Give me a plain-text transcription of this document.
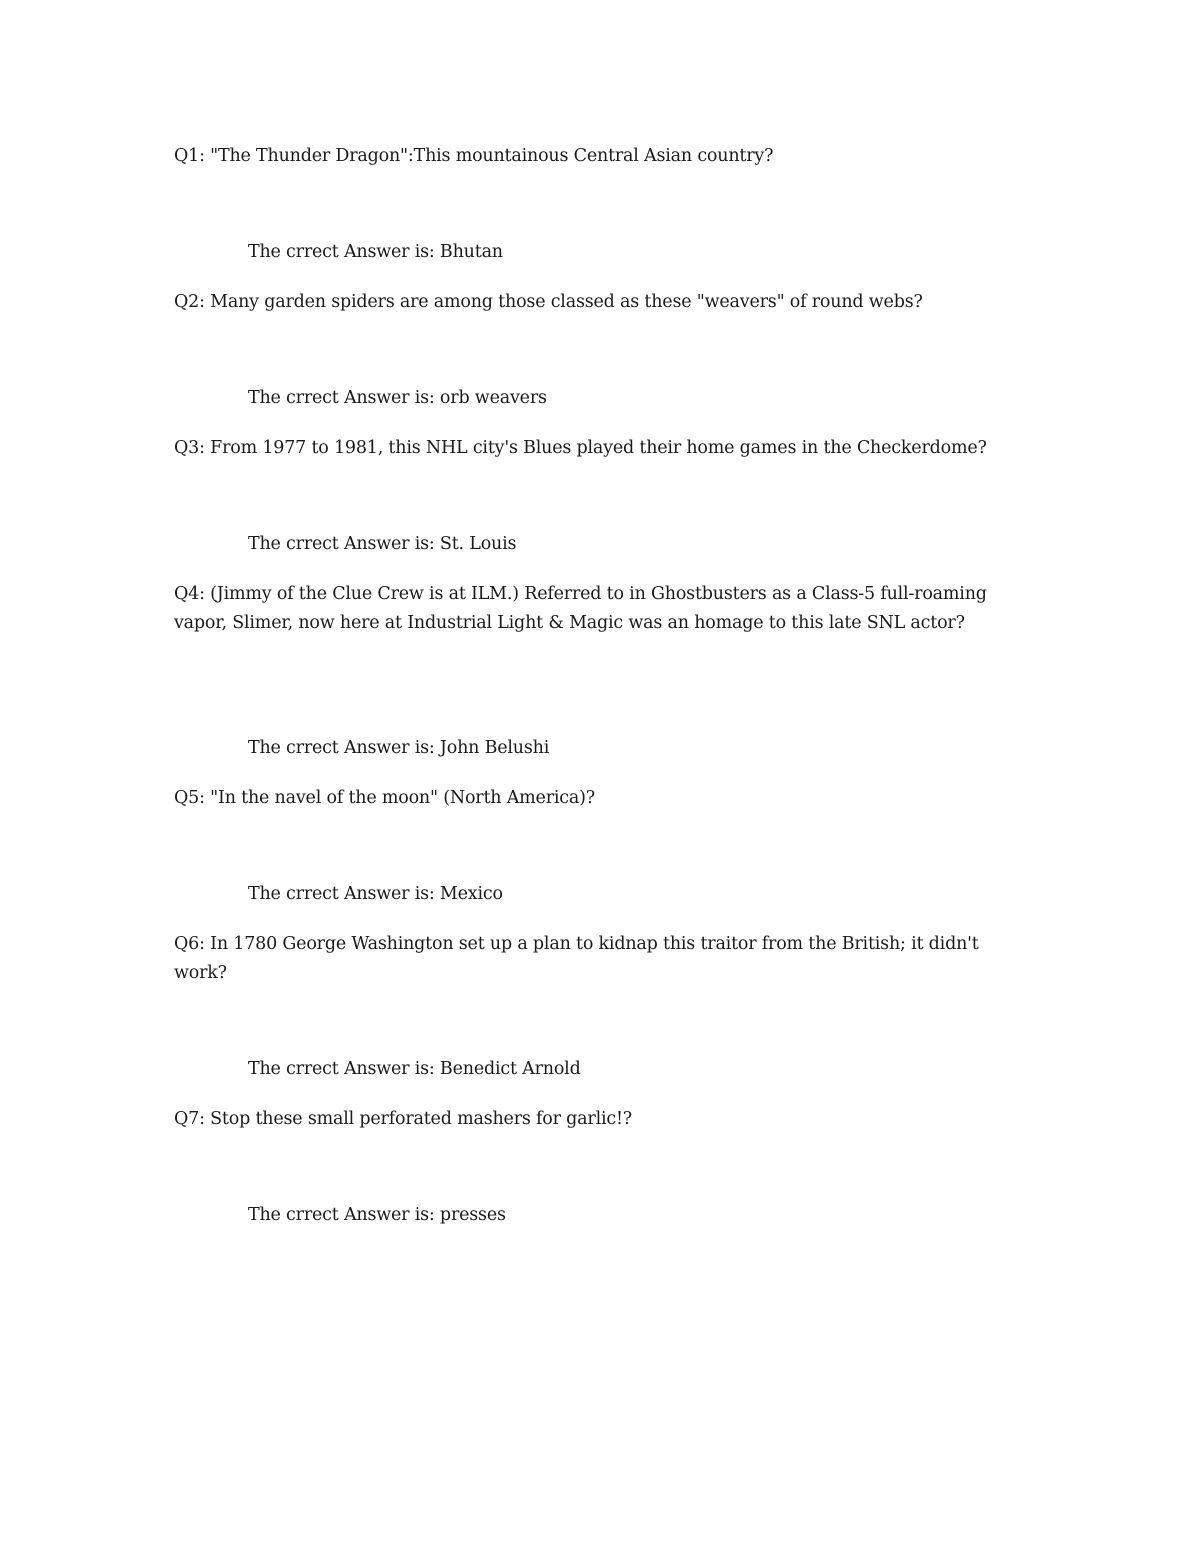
Q1: "The Thunder Dragon":This mountainous Central Asian country?
The crrect Answer is: Bhutan
Q2: Many garden spiders are among those classed as these "weavers" of round webs?
The crrect Answer is: orb weavers
Q3: From 1977 to 1981, this NHL city's Blues played their home games in the Checkerdome?
The crrect Answer is: St. Louis
Q4: (Jimmy of the Clue Crew is at ILM.) Referred to in Ghostbusters as a Class-5 full-roaming vapor, Slimer, now here at Industrial Light & Magic was an homage to this late SNL actor?
The crrect Answer is: John Belushi
Q5: "In the navel of the moon" (North America)?
The crrect Answer is: Mexico
Q6: In 1780 George Washington set up a plan to kidnap this traitor from the British; it didn't work?
The crrect Answer is: Benedict Arnold
Q7: Stop these small perforated mashers for garlic!?
The crrect Answer is: presses
